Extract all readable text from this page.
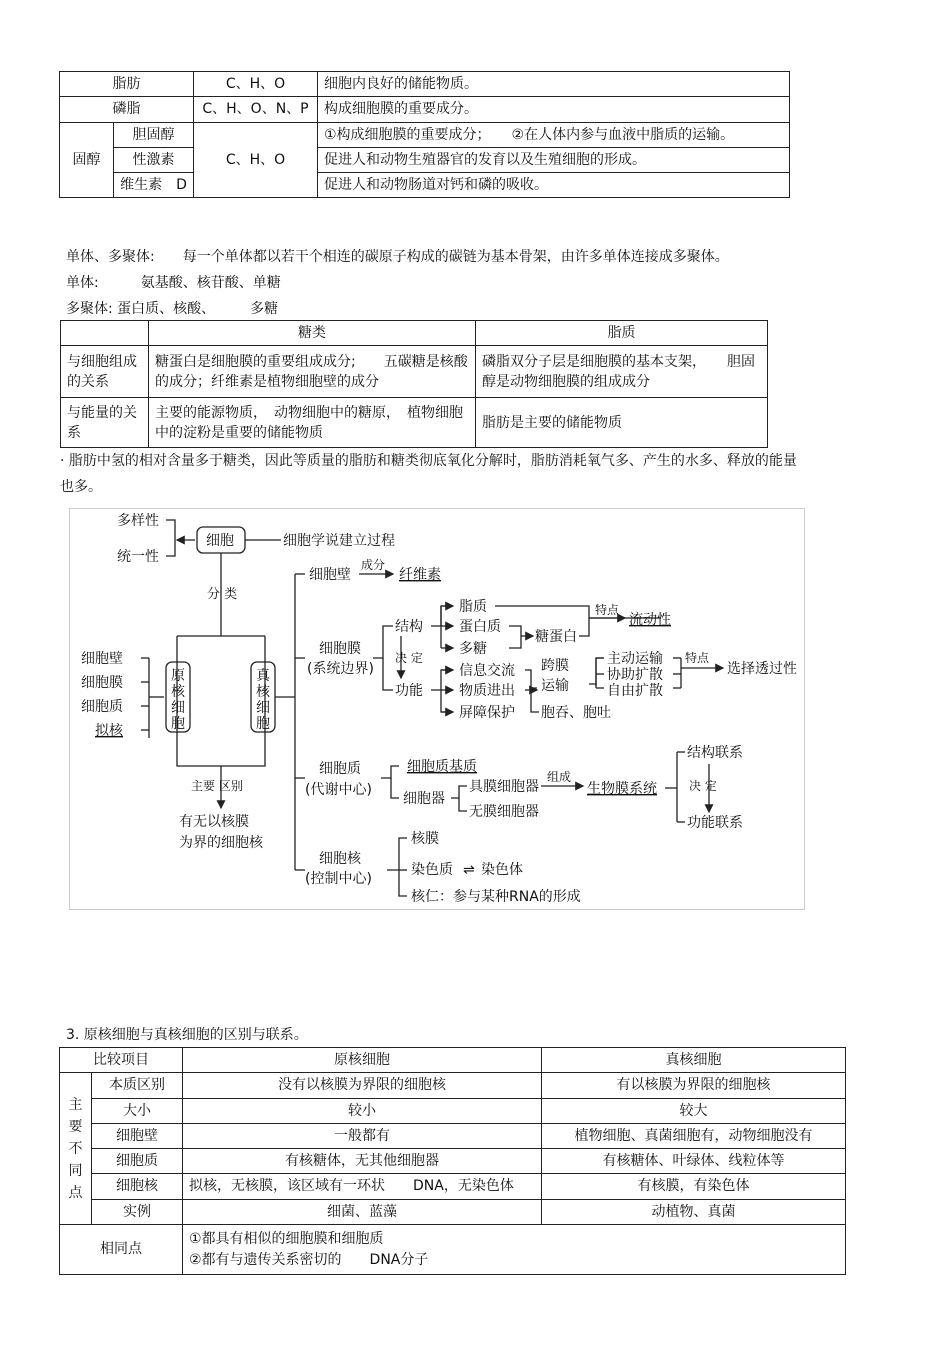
脂肪		C、H、O	细胞内良好的储能物质。
磷脂		C、H、O、N、P	构成细胞膜的重要成分。
固醇	胆固醇	C、H、O	①构成细胞膜的重要成分；　　②在人体内参与血液中脂质的运输。
	性激素		促进人和动物生殖器官的发育以及生殖细胞的形成。
	维生素　D		促进人和动物肠道对钙和磷的吸收。
单体、多聚体:　　每一个单体都以若干个相连的碳原子构成的碳链为基本骨架，由许多单体连接成多聚体。
单体:　　　氨基酸、核苷酸、单糖
多聚体: 蛋白质、核酸、　　　多糖
	糖类	脂质
与细胞组成的关系	糖蛋白是细胞膜的重要组成成分;　　五碳糖是核酸的成分；纤维素是植物细胞壁的成分	磷脂双分子层是细胞膜的基本支架，　　胆固醇是动物细胞膜的组成成分
与能量的关系	主要的能源物质，　动物细胞中的糖原，　植物细胞中的淀粉是重要的储能物质	脂肪是主要的储能物质
· 脂肪中氢的相对含量多于糖类，因此等质量的脂肪和糖类彻底氧化分解时，脂肪消耗氧气多、产生的水多、释放的能量也多。
多样性
统一性
细胞	细胞学说建立过程
分 类
细胞壁
细胞膜
细胞质
拟核
原
核
细
胞
真
核
细
胞
主要 区别
有无以核膜
为界的细胞核
细胞壁
成分
纤维素
细胞膜
(系统边界)
结构
决 定
功能
脂质
蛋白质
多糖
糖蛋白
特点
流动性
信息交流
物质进出
屏障保护
跨膜
运输
胞吞、胞吐
主动运输
协助扩散
自由扩散
特点
选择透过性
细胞质
(代谢中心)
细胞质基质
细胞器
具膜细胞器
无膜细胞器
组成
生物膜系统
结构联系
决 定
功能联系
细胞核
(控制中心)
核膜
染色质 ⇌ 染色体
核仁：参与某种RNA的形成
3. 原核细胞与真核细胞的区别与联系。
比较项目		原核细胞	真核细胞

主
要
不
同
点	本质区别	没有以核膜为界限的细胞核	有以核膜为界限的细胞核
	大小	较小	较大
	细胞壁	一般都有	植物细胞、真菌细胞有，动物细胞没有
	细胞质	有核糖体，无其他细胞器	有核糖体、叶绿体、线粒体等
	细胞核	拟核，无核膜，该区域有一环状　　DNA，无染色体	有核膜，有染色体
	实例	细菌、蓝藻	动植物、真菌
相同点		①都具有相似的细胞膜和细胞质
②都有与遗传关系密切的　　DNA分子	
